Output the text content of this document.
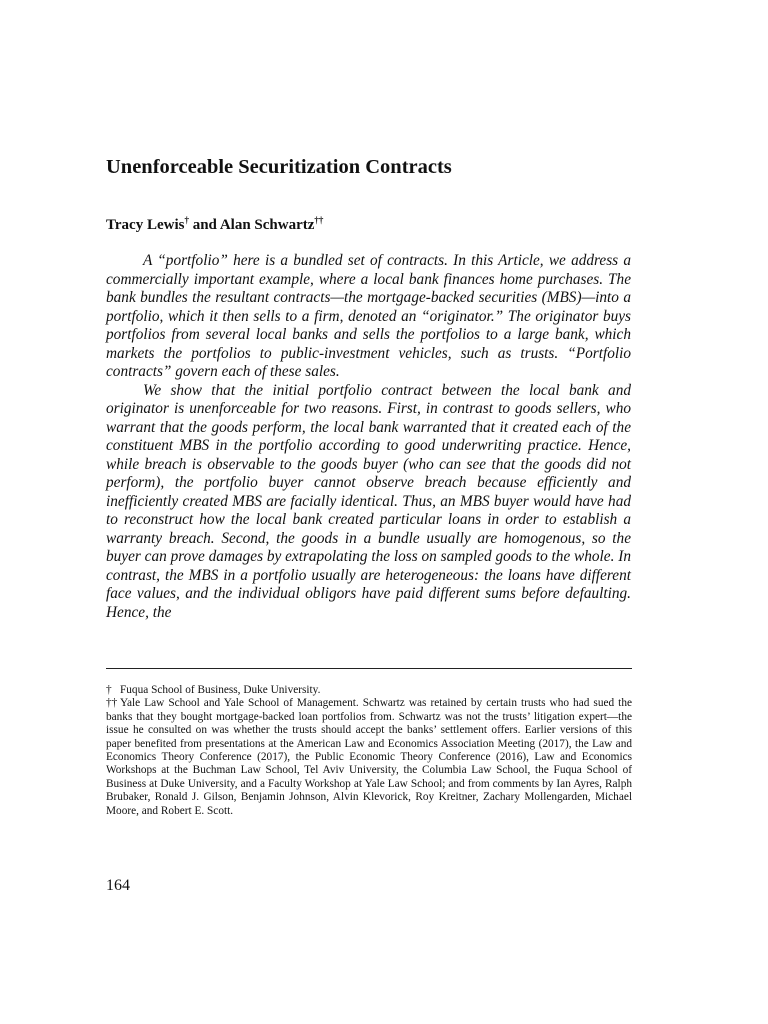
Unenforceable Securitization Contracts

Tracy Lewis† and Alan Schwartz††

A “portfolio” here is a bundled set of contracts. In this Article, we address a commercially important example, where a local bank finances home purchases. The bank bundles the resultant contracts—the mortgage-backed securities (MBS)—into a portfolio, which it then sells to a firm, denoted an “originator.” The originator buys portfolios from several local banks and sells the portfolios to a large bank, which markets the portfolios to public-investment vehicles, such as trusts. “Portfolio contracts” govern each of these sales.

We show that the initial portfolio contract between the local bank and originator is unenforceable for two reasons. First, in contrast to goods sellers, who warrant that the goods perform, the local bank warranted that it created each of the constituent MBS in the portfolio according to good underwriting practice. Hence, while breach is observable to the goods buyer (who can see that the goods did not perform), the portfolio buyer cannot observe breach because efficiently and inefficiently created MBS are facially identical. Thus, an MBS buyer would have had to reconstruct how the local bank created particular loans in order to establish a warranty breach. Second, the goods in a bundle usually are homogenous, so the buyer can prove damages by extrapolating the loss on sampled goods to the whole. In contrast, the MBS in a portfolio usually are heterogeneous: the loans have different face values, and the individual obligors have paid different sums before defaulting. Hence, the

† Fuqua School of Business, Duke University.

†† Yale Law School and Yale School of Management. Schwartz was retained by certain trusts who had sued the banks that they bought mortgage-backed loan portfolios from. Schwartz was not the trusts’ litigation expert—the issue he consulted on was whether the trusts should accept the banks’ settlement offers. Earlier versions of this paper benefited from presentations at the American Law and Economics Association Meeting (2017), the Law and Economics Theory Conference (2017), the Public Economic Theory Conference (2016), Law and Economics Workshops at the Buchman Law School, Tel Aviv University, the Columbia Law School, the Fuqua School of Business at Duke University, and a Faculty Workshop at Yale Law School; and from comments by Ian Ayres, Ralph Brubaker, Ronald J. Gilson, Benjamin Johnson, Alvin Klevorick, Roy Kreitner, Zachary Mollengarden, Michael Moore, and Robert E. Scott.

164
